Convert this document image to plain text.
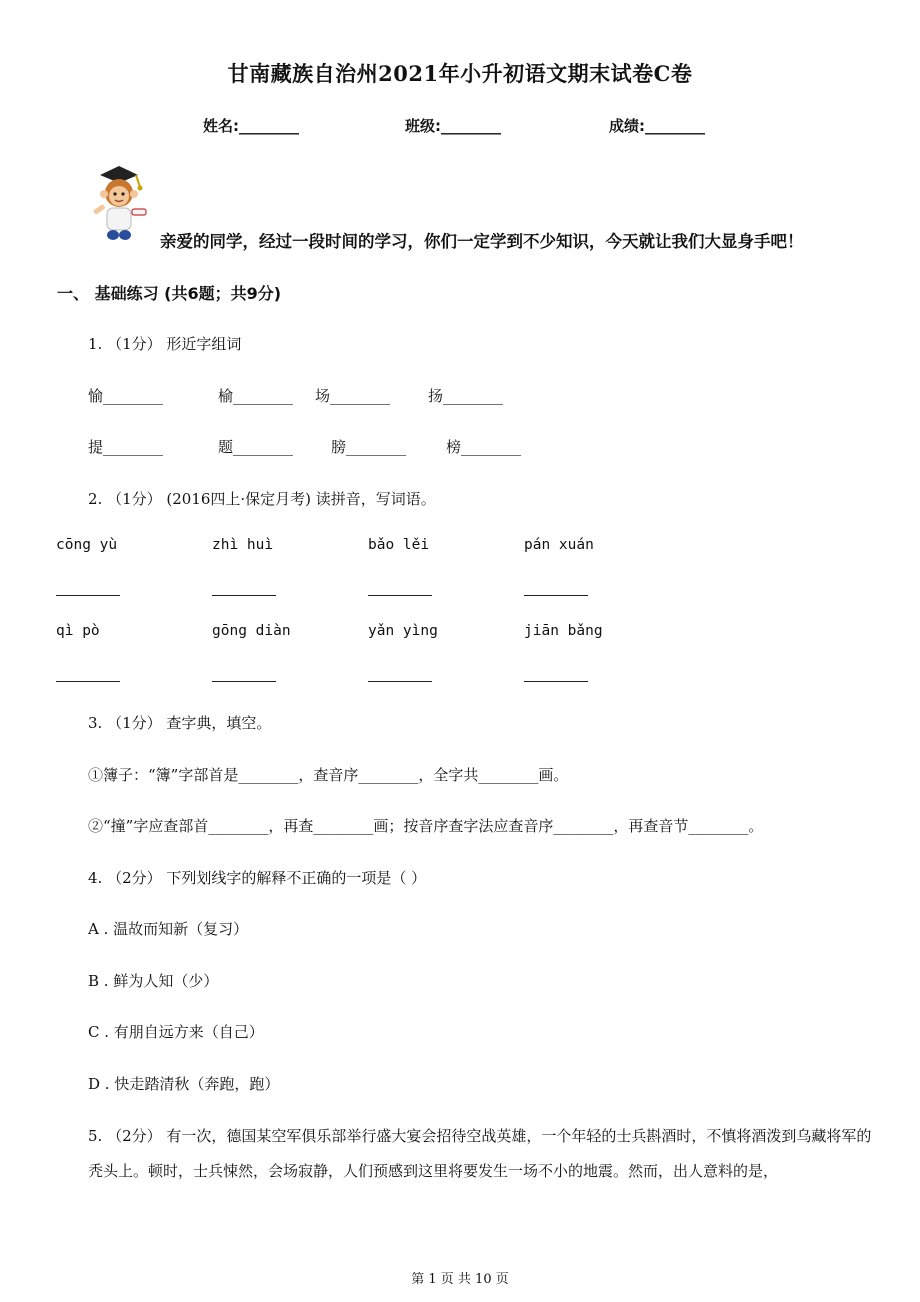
甘南藏族自治州2021年小升初语文期末试卷C卷
姓名:________	班级:________	成绩:________
亲爱的同学，经过一段时间的学习，你们一定学到不少知识，今天就让我们大显身手吧！
一、 基础练习 (共6题；共9分)
1. （1分） 形近字组词
愉________	榆________ 场________	扬________
提________	题________	膀________	榜________
2. （1分） (2016四上·保定月考) 读拼音，写词语。
cōng yù	zhì huì	bǎo lěi	pán xuán
qì pò	gōng diàn	yǎn yìng	jiān bǎng
3. （1分） 查字典，填空。
①簿子：“簿”字部首是________，查音序________，全字共________画。
②“撞”字应查部首________，再查________画；按音序查字法应查音序________，再查音节________。
4. （2分） 下列划线字的解释不正确的一项是（ ）
A . 温故而知新（复习）
B . 鲜为人知（少）
C . 有朋自远方来（自己）
D . 快走踏清秋（奔跑，跑）
5. （2分） 有一次，德国某空军俱乐部举行盛大宴会招待空战英雄，一个年轻的士兵斟酒时，不慎将酒泼到乌藏将军的秃头上。顿时，士兵悚然，会场寂静，人们预感到这里将要发生一场不小的地震。然而，出人意料的是，
第 1 页 共 10 页
